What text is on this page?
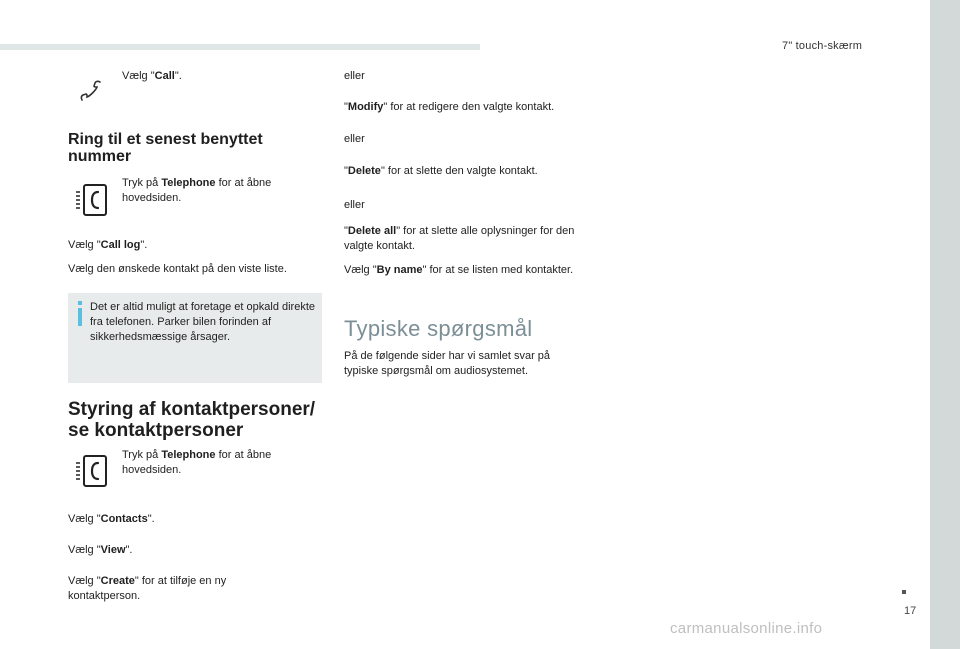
7" touch-skærm
17
carmanualsonline.info
Vælg "Call".
Ring til et senest benyttet nummer
Tryk på Telephone for at åbne hovedsiden.
Vælg "Call log".
Vælg den ønskede kontakt på den viste liste.
Det er altid muligt at foretage et opkald direkte fra telefonen. Parker bilen forinden af sikkerhedsmæssige årsager.
Styring af kontaktpersoner/ se kontaktpersoner
Tryk på Telephone for at åbne hovedsiden.
Vælg "Contacts".
Vælg "View".
Vælg "Create" for at tilføje en ny kontaktperson.
eller
"Modify" for at redigere den valgte kontakt.
eller
"Delete" for at slette den valgte kontakt.
eller
"Delete all" for at slette alle oplysninger for den valgte kontakt.
Vælg "By name" for at se listen med kontakter.
Typiske spørgsmål
På de følgende sider har vi samlet svar på typiske spørgsmål om audiosystemet.
